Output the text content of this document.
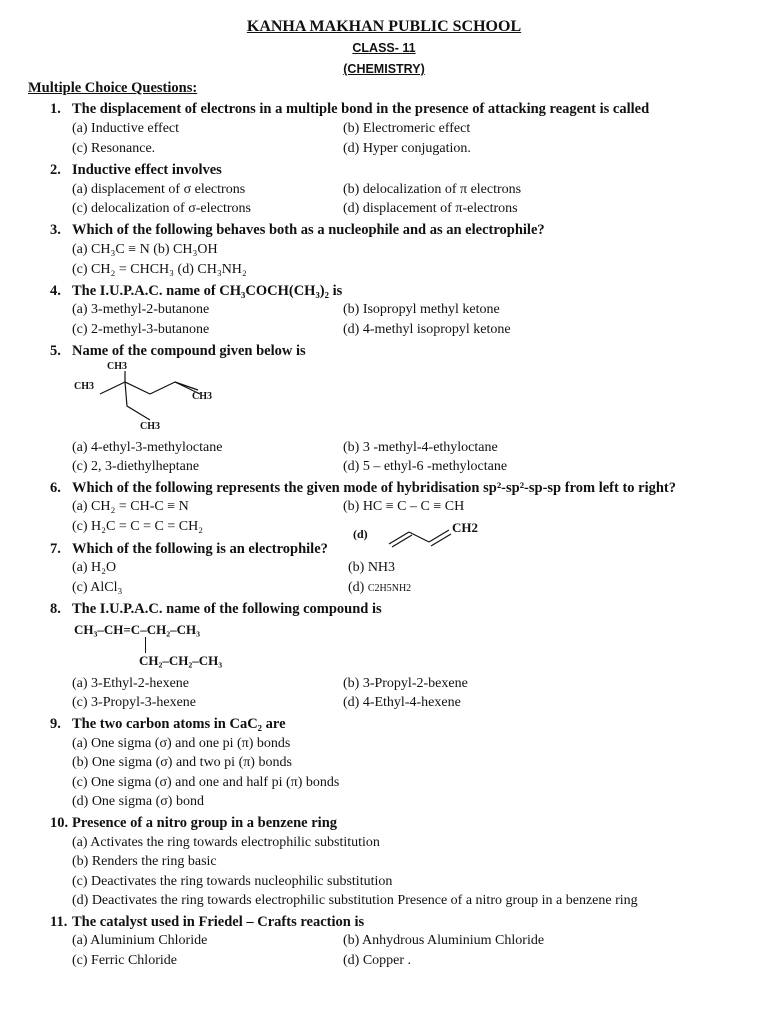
KANHA MAKHAN PUBLIC SCHOOL
CLASS- 11
(CHEMISTRY)
Multiple Choice Questions:
1. The displacement of electrons in a multiple bond in the presence of attacking reagent is called
(a) Inductive effect	(b) Electromeric effect
(c) Resonance.	(d) Hyper conjugation.
2. Inductive effect involves
(a) displacement of σ electrons	(b) delocalization of π electrons
(c) delocalization of σ-electrons	(d) displacement of π-electrons
3. Which of the following behaves both as a nucleophile and as an electrophile?
(a) CH₃C ≡ N (b) CH₃OH
(c) CH₂ = CHCH₃ (d) CH₃NH₂
4. The I.U.P.A.C. name of CH₃COCH(CH₃)₂ is
(a) 3-methyl-2-butanone	(b) Isopropyl methyl ketone
(c) 2-methyl-3-butanone	(d) 4-methyl isopropyl ketone
5. Name of the compound given below is
CH3
CH3
CH3
CH3
(a) 4-ethyl-3-methyloctane	(b) 3 -methyl-4-ethyloctane
(c) 2, 3-diethylheptane	(d) 5 – ethyl-6 -methyloctane
6. Which of the following represents the given mode of hybridisation sp²-sp²-sp-sp from left to right?
(a) CH₂ = CH-C ≡ N	(b) HC ≡ C – C ≡ CH
(c) H₂C = C = C = CH₂	(d)	CH2
7. Which of the following is an electrophile?
(a) H₂O	(b) NH3
(c) AlCl₃	(d) C2H5NH2
8. The I.U.P.A.C. name of the following compound is
CH₃–CH=C–CH₂–CH₃
CH₂–CH₂–CH₃
(a) 3-Ethyl-2-hexene	(b) 3-Propyl-2-bexene
(c) 3-Propyl-3-hexene	(d) 4-Ethyl-4-hexene
9. The two carbon atoms in CaC₂ are
(a) One sigma (σ) and one pi (π) bonds
(b) One sigma (σ) and two pi (π) bonds
(c) One sigma (σ) and one and half pi (π) bonds
(d) One sigma (σ) bond
10. Presence of a nitro group in a benzene ring
(a) Activates the ring towards electrophilic substitution
(b) Renders the ring basic
(c) Deactivates the ring towards nucleophilic substitution
(d) Deactivates the ring towards electrophilic substitution Presence of a nitro group in a benzene ring
11. The catalyst used in Friedel – Crafts reaction is
(a) Aluminium Chloride	(b) Anhydrous Aluminium Chloride
(c) Ferric Chloride	(d) Copper .
